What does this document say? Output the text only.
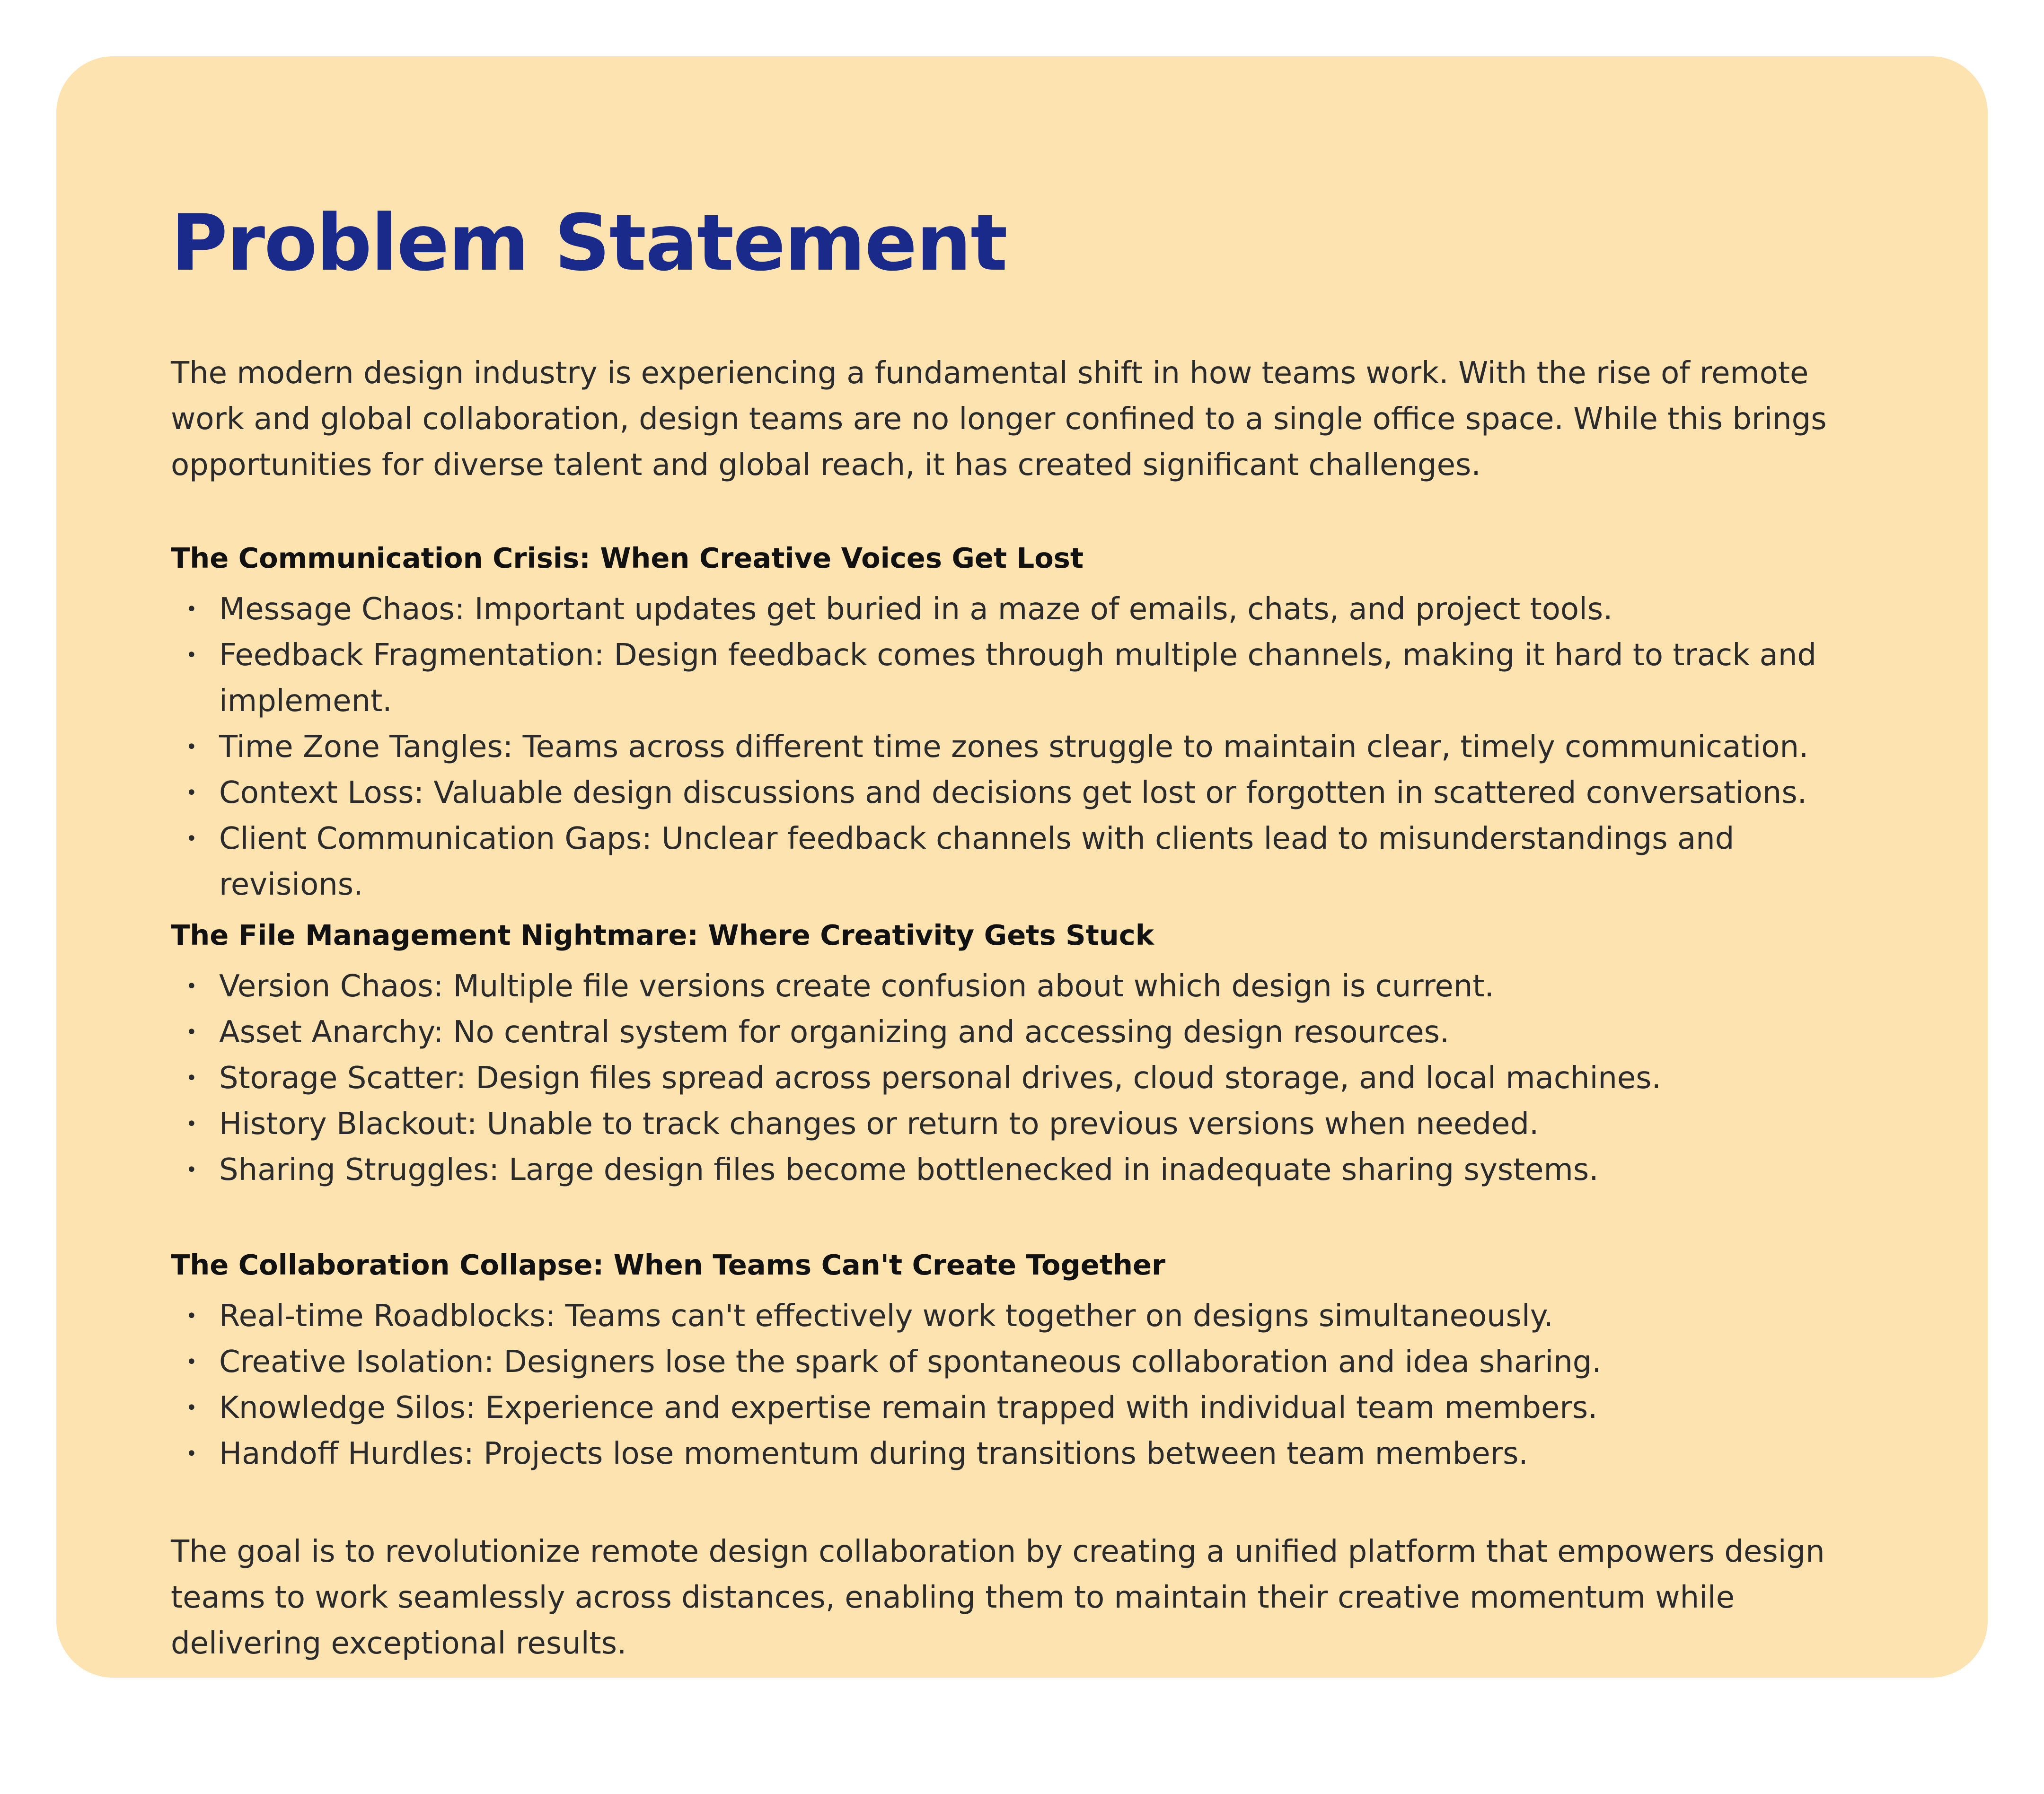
Problem Statement

The modern design industry is experiencing a fundamental shift in how teams work. With the rise of remote work and global collaboration, design teams are no longer confined to a single office space. While this brings opportunities for diverse talent and global reach, it has created significant challenges.

The Communication Crisis: When Creative Voices Get Lost
• Message Chaos: Important updates get buried in a maze of emails, chats, and project tools.
• Feedback Fragmentation: Design feedback comes through multiple channels, making it hard to track and implement.
• Time Zone Tangles: Teams across different time zones struggle to maintain clear, timely communication.
• Context Loss: Valuable design discussions and decisions get lost or forgotten in scattered conversations.
• Client Communication Gaps: Unclear feedback channels with clients lead to misunderstandings and revisions.
The File Management Nightmare: Where Creativity Gets Stuck
• Version Chaos: Multiple file versions create confusion about which design is current.
• Asset Anarchy: No central system for organizing and accessing design resources.
• Storage Scatter: Design files spread across personal drives, cloud storage, and local machines.
• History Blackout: Unable to track changes or return to previous versions when needed.
• Sharing Struggles: Large design files become bottlenecked in inadequate sharing systems.
The Collaboration Collapse: When Teams Can't Create Together
• Real-time Roadblocks: Teams can't effectively work together on designs simultaneously.
• Creative Isolation: Designers lose the spark of spontaneous collaboration and idea sharing.
• Knowledge Silos: Experience and expertise remain trapped with individual team members.
• Handoff Hurdles: Projects lose momentum during transitions between team members.

The goal is to revolutionize remote design collaboration by creating a unified platform that empowers design teams to work seamlessly across distances, enabling them to maintain their creative momentum while delivering exceptional results.
